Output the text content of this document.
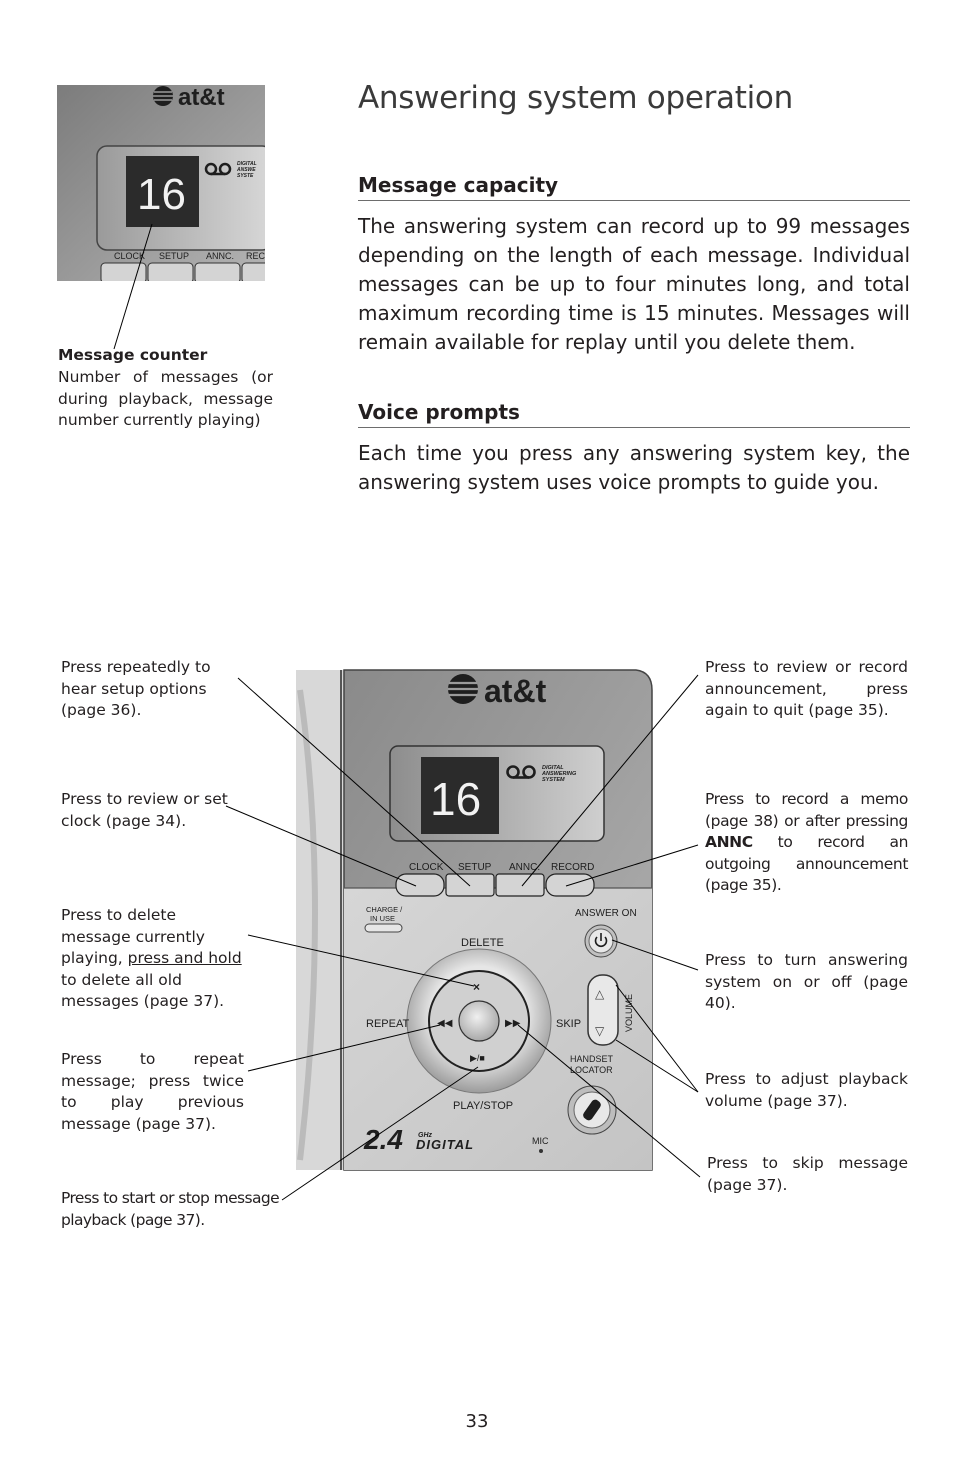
Answering system operation
Message capacity
The answering system can record up to 99 messages depending on the length of each message. Individual messages can be up to four minutes long, and total maximum recording time is 15 minutes. Messages will remain available for replay until you delete them.
Voice prompts
Each time you press any answering system key, the answering system uses voice prompts to guide you.
at&t
16
DIGITAL
ANSWE
SYSTE
CLOCK SETUP ANNC. REC
Message counter
Number of messages (or during playback, message number currently playing)
at&t
16
DIGITAL
ANSWERING
SYSTEM
CLOCK SETUP ANNC. RECORD
CHARGE /
IN USE	ANSWER ON
DELETE
×
◀◀	▶▶
▶/■
REPEAT	SKIP
PLAY/STOP
△
▽ VOLUME
HANDSET
LOCATOR
2.4 GHz
DIGITAL	MIC
Press repeatedly to hear setup options (page 36).
Press to review or set clock (page 34).
Press to delete message currently playing, press and hold to delete all old messages (page 37).
Press to repeat message; press twice to play previous message (page 37).
Press to start or stop message playback (page 37).
Press to review or record announcement, press again to quit (page 35).
Press to record a memo (page 38) or after pressing ANNC to record an outgoing announcement (page 35).
Press to turn answering system on or off (page 40).
Press to adjust playback volume (page 37).
Press to skip message (page 37).
33
